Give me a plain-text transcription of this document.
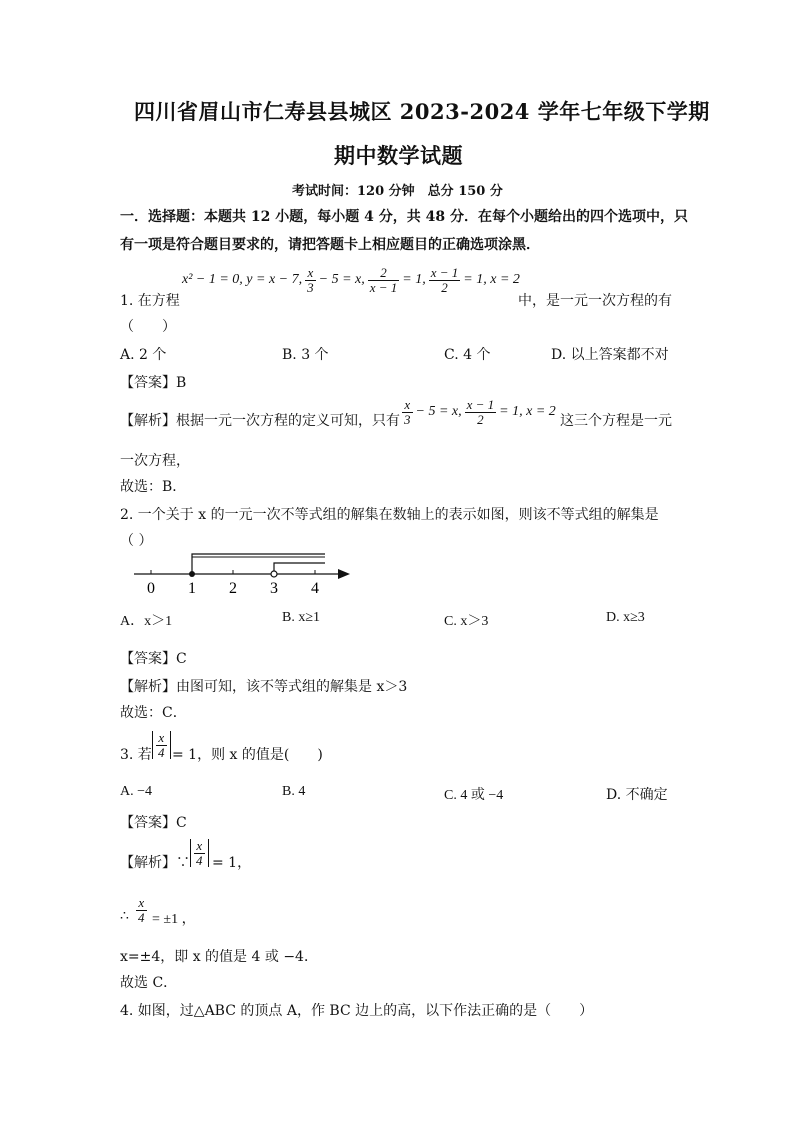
四川省眉山市仁寿县县城区 2023-2024 学年七年级下学期
期中数学试题
考试时间：120 分钟　总分 150 分
一．选择题：本题共 12 小题，每小题 4 分，共 48 分．在每个小题给出的四个选项中，只
有一项是符合题目要求的，请把答题卡上相应题目的正确选项涂黑．
1. 在方程
x² − 1 = 0, y = x − 7, $\frac{x}{3} - 5 = x$, $\frac{2}{x - 1} = 1$, $\frac{x - 1}{2} = 1$, x = 2
中，是一元一次方程的有
（　　）
A. 2 个	B. 3 个	C. 4 个	D. 以上答案都不对
【答案】B
【解析】根据一元一次方程的定义可知，只有 $\frac{x}{3} - 5 = x$, $\frac{x - 1}{2} = 1$, x = 2
这三个方程是一元
一次方程，
故选：B．
2. 一个关于 x 的一元一次不等式组的解集在数轴上的表示如图，则该不等式组的解集是
（ ）
0 1 2 3 4
A．x＞1	B. x≥1	C. x＞3	D. x≥3
【答案】C
【解析】由图可知，该不等式组的解集是 x＞3
故选：C．
3. 若 $\frac{x}{4} = 1$，则 x 的值是(　　)
A. −4	B. 4	C. 4 或 −4	D. 不确定
【答案】C
【解析】∵ $\frac{x}{4} = 1$，
∴ $\frac{x}{4} = \pm 1$ ，
x=±4，即 x 的值是 4 或 −4．
故选 C．
4. 如图，过△ABC 的顶点 A，作 BC 边上的高，以下作法正确的是（　　）
